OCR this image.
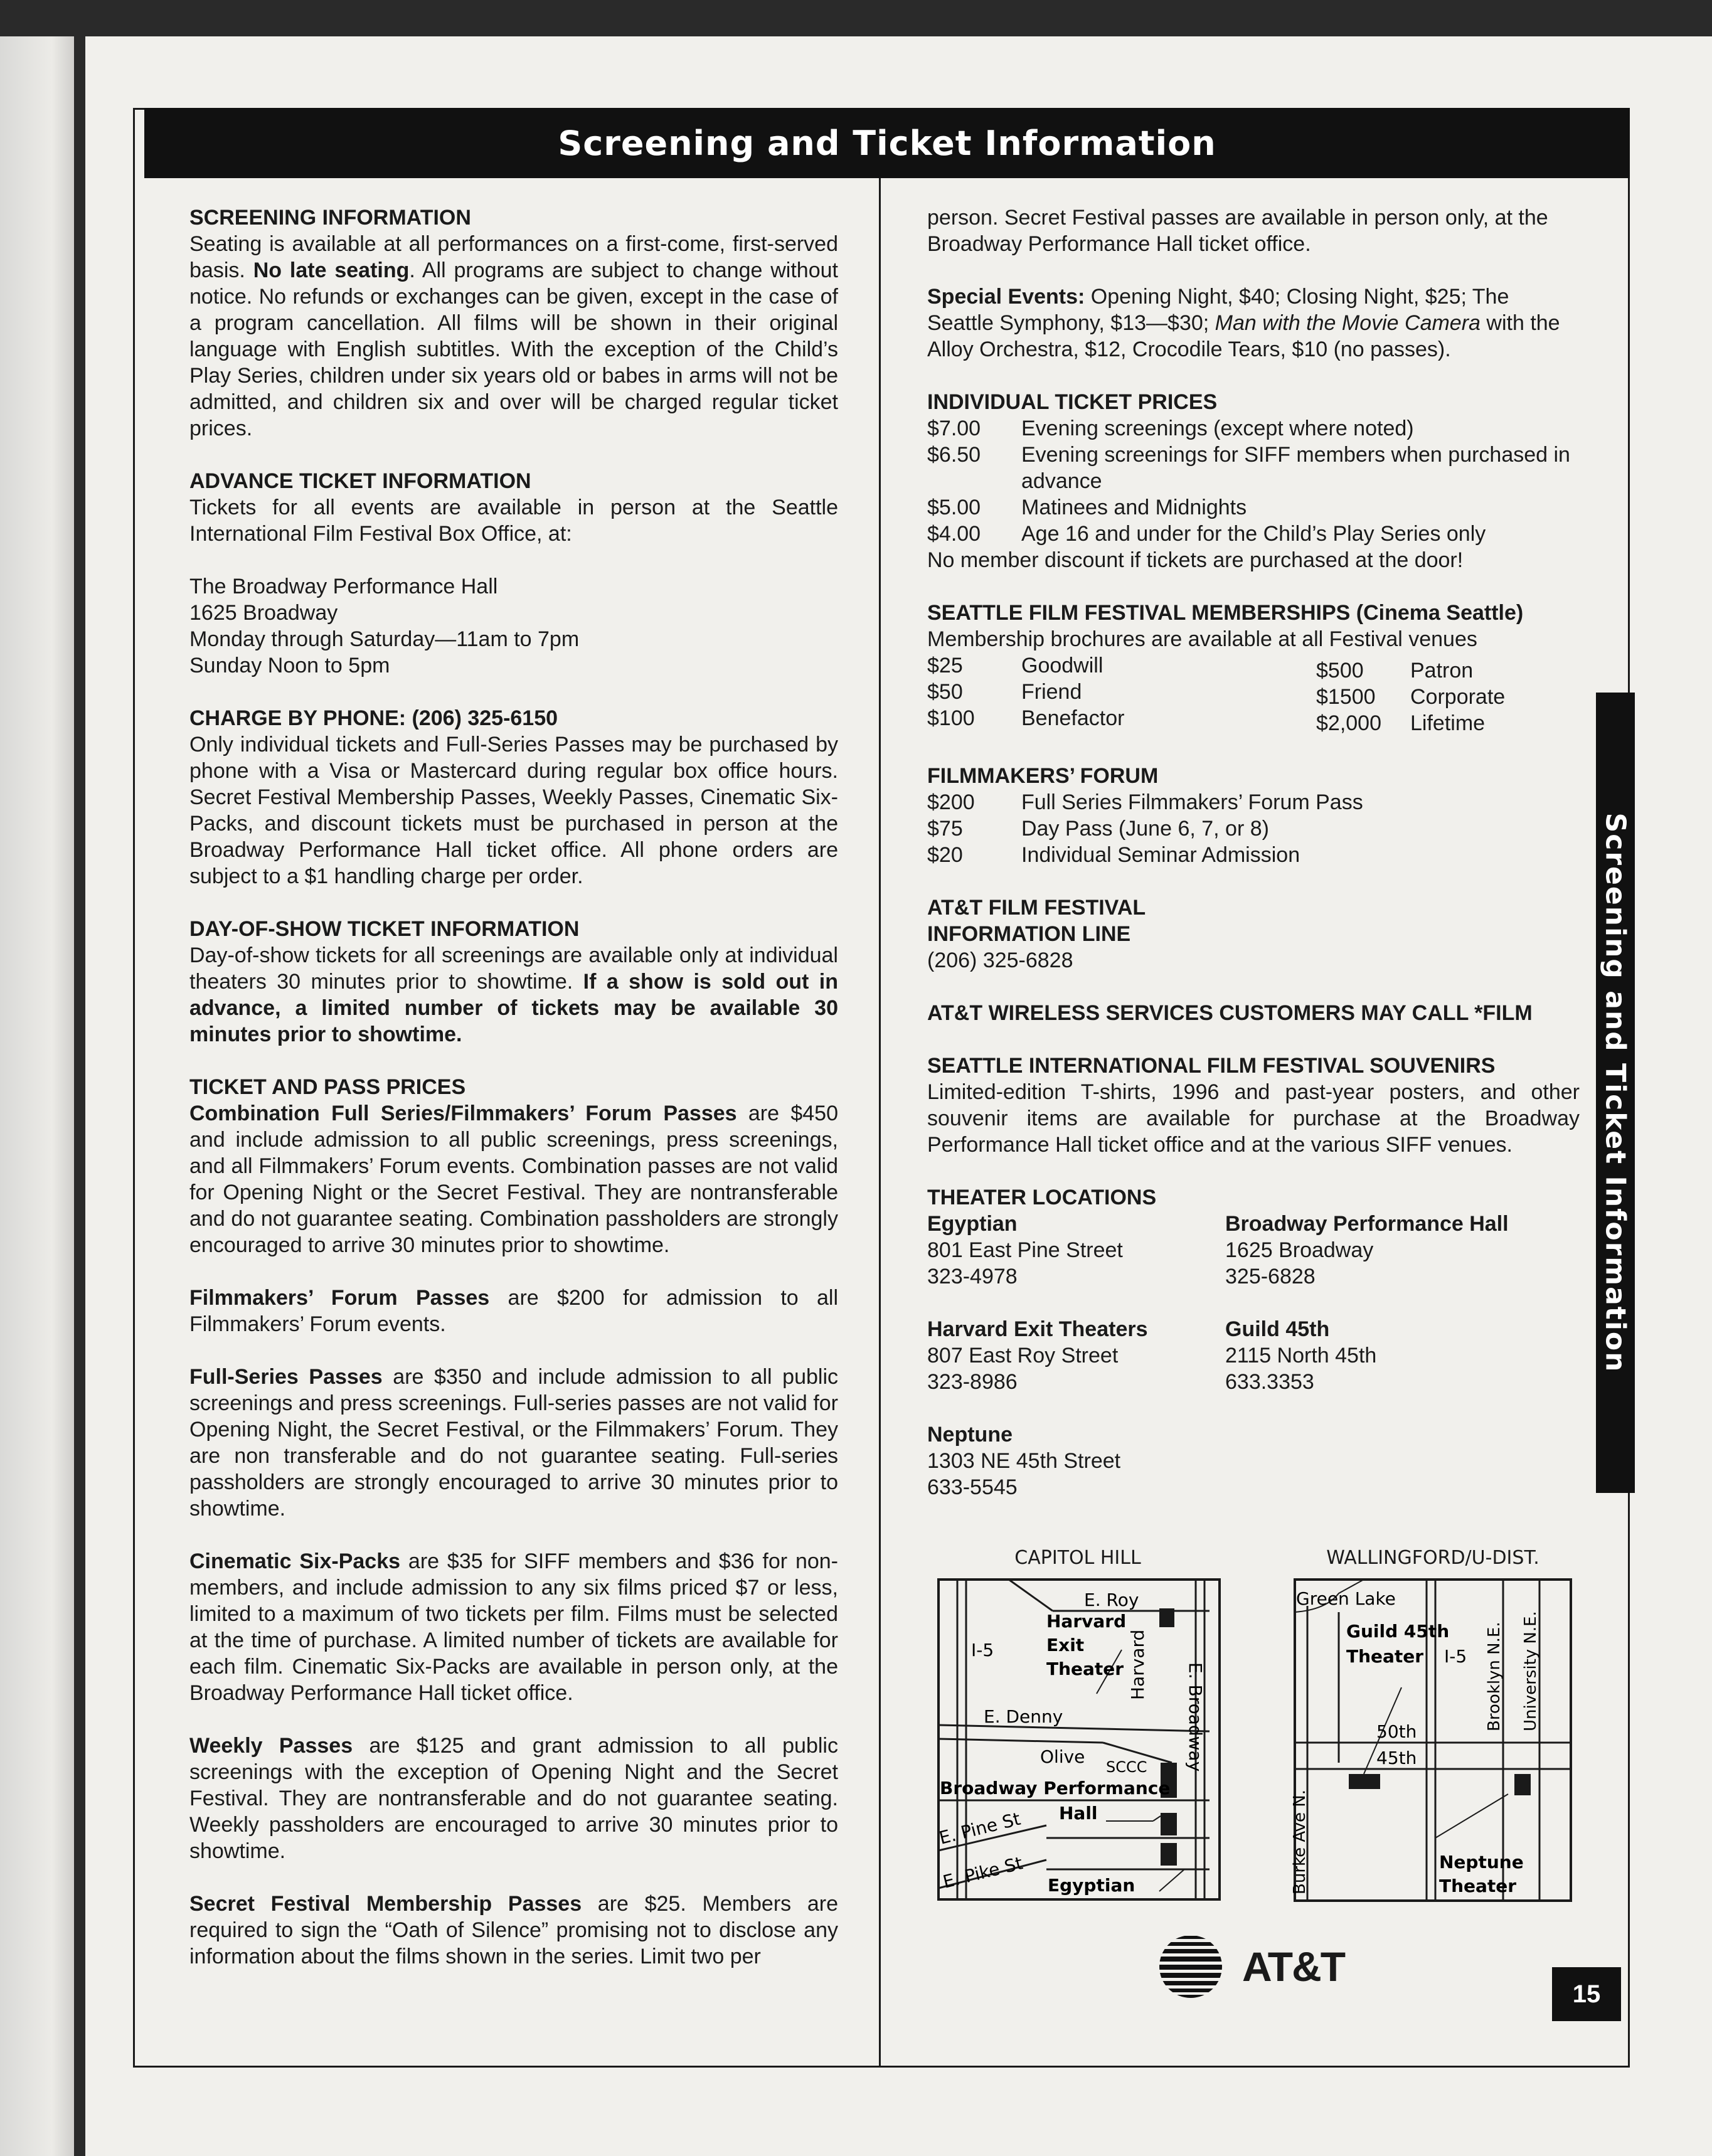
Screening and Ticket Information
SCREENING INFORMATION
Seating is available at all performances on a first-come, first-served basis. No late seating. All programs are subject to change without notice. No refunds or exchanges can be given, except in the case of a program cancellation. All films will be shown in their original language with English subtitles. With the exception of the Child’s Play Series, children under six years old or babes in arms will not be admitted, and children six and over will be charged regular ticket prices.
ADVANCE TICKET INFORMATION
Tickets for all events are available in person at the Seattle International Film Festival Box Office, at:
The Broadway Performance Hall
1625 Broadway
Monday through Saturday—11am to 7pm
Sunday Noon to 5pm
CHARGE BY PHONE: (206) 325-6150
Only individual tickets and Full-Series Passes may be purchased by phone with a Visa or Mastercard during regular box office hours. Secret Festival Membership Passes, Weekly Passes, Cinematic Six-Packs, and discount tickets must be purchased in person at the Broadway Performance Hall ticket office. All phone orders are subject to a $1 handling charge per order.
DAY-OF-SHOW TICKET INFORMATION
Day-of-show tickets for all screenings are available only at individual theaters 30 minutes prior to showtime. If a show is sold out in advance, a limited number of tickets may be available 30 minutes prior to showtime.
TICKET AND PASS PRICES
Combination Full Series/Filmmakers’ Forum Passes are $450 and include admission to all public screenings, press screenings, and all Filmmakers’ Forum events. Combination passes are not valid for Opening Night or the Secret Festival. They are nontransferable and do not guarantee seating. Combination passholders are strongly encouraged to arrive 30 minutes prior to showtime.
Filmmakers’ Forum Passes are $200 for admission to all Filmmakers’ Forum events.
Full-Series Passes are $350 and include admission to all public screenings and press screenings. Full-series passes are not valid for Opening Night, the Secret Festival, or the Filmmakers’ Forum. They are non transferable and do not guarantee seating. Full-series passholders are strongly encouraged to arrive 30 minutes prior to showtime.
Cinematic Six-Packs are $35 for SIFF members and $36 for non-members, and include admission to any six films priced $7 or less, limited to a maximum of two tickets per film. Films must be selected at the time of purchase. A limited number of tickets are available for each film. Cinematic Six-Packs are available in person only, at the Broadway Performance Hall ticket office.
Weekly Passes are $125 and grant admission to all public screenings with the exception of Opening Night and the Secret Festival. They are nontransferable and do not guarantee seating. Weekly passholders are encouraged to arrive 30 minutes prior to showtime.
Secret Festival Membership Passes are $25. Members are required to sign the “Oath of Silence” promising not to disclose any information about the films shown in the series. Limit two per
person. Secret Festival passes are available in person only, at the Broadway Performance Hall ticket office.
Special Events: Opening Night, $40; Closing Night, $25; The Seattle Symphony, $13—$30; Man with the Movie Camera with the Alloy Orchestra, $12, Crocodile Tears, $10 (no passes).
INDIVIDUAL TICKET PRICES
$7.00	Evening screenings (except where noted)
$6.50	Evening screenings for SIFF members when purchased in advance
$5.00	Matinees and Midnights
$4.00	Age 16 and under for the Child’s Play Series only
No member discount if tickets are purchased at the door!
SEATTLE FILM FESTIVAL MEMBERSHIPS (Cinema Seattle)
Membership brochures are available at all Festival venues
$25	Goodwill
$50	Friend
$100	Benefactor
$500	Patron
$1500	Corporate
$2,000	Lifetime
FILMMAKERS’ FORUM
$200	Full Series Filmmakers’ Forum Pass
$75	Day Pass (June 6, 7, or 8)
$20	Individual Seminar Admission
AT&T FILM FESTIVAL
INFORMATION LINE
(206) 325-6828
AT&T WIRELESS SERVICES CUSTOMERS MAY CALL *FILM
SEATTLE INTERNATIONAL FILM FESTIVAL SOUVENIRS
Limited-edition T-shirts, 1996 and past-year posters, and other souvenir items are available for purchase at the Broadway Performance Hall ticket office and at the various SIFF venues.
THEATER LOCATIONS
Egyptian
801 East Pine Street
323-4978
Harvard Exit Theaters
807 East Roy Street
323-8986
Neptune
1303 NE 45th Street
633-5545
Broadway Performance Hall
1625 Broadway
325-6828
Guild 45th
2115 North 45th
633.3353
CAPITOL HILL
E. Roy
Harvard
Exit
Theater
I-5	Harvard E. Broadway
E. Denny
Olive SCCC
Broadway Performance
Hall
E. Pine St
E. Pike St Egyptian
WALLINGFORD/U-DIST.
Green Lake
Guild 45th
Theater I-5 Brooklyn N.E. University N.E.
50th
45th
Burke Ave N.	Neptune
Theater
AT&T
Screening and Ticket Information
15
